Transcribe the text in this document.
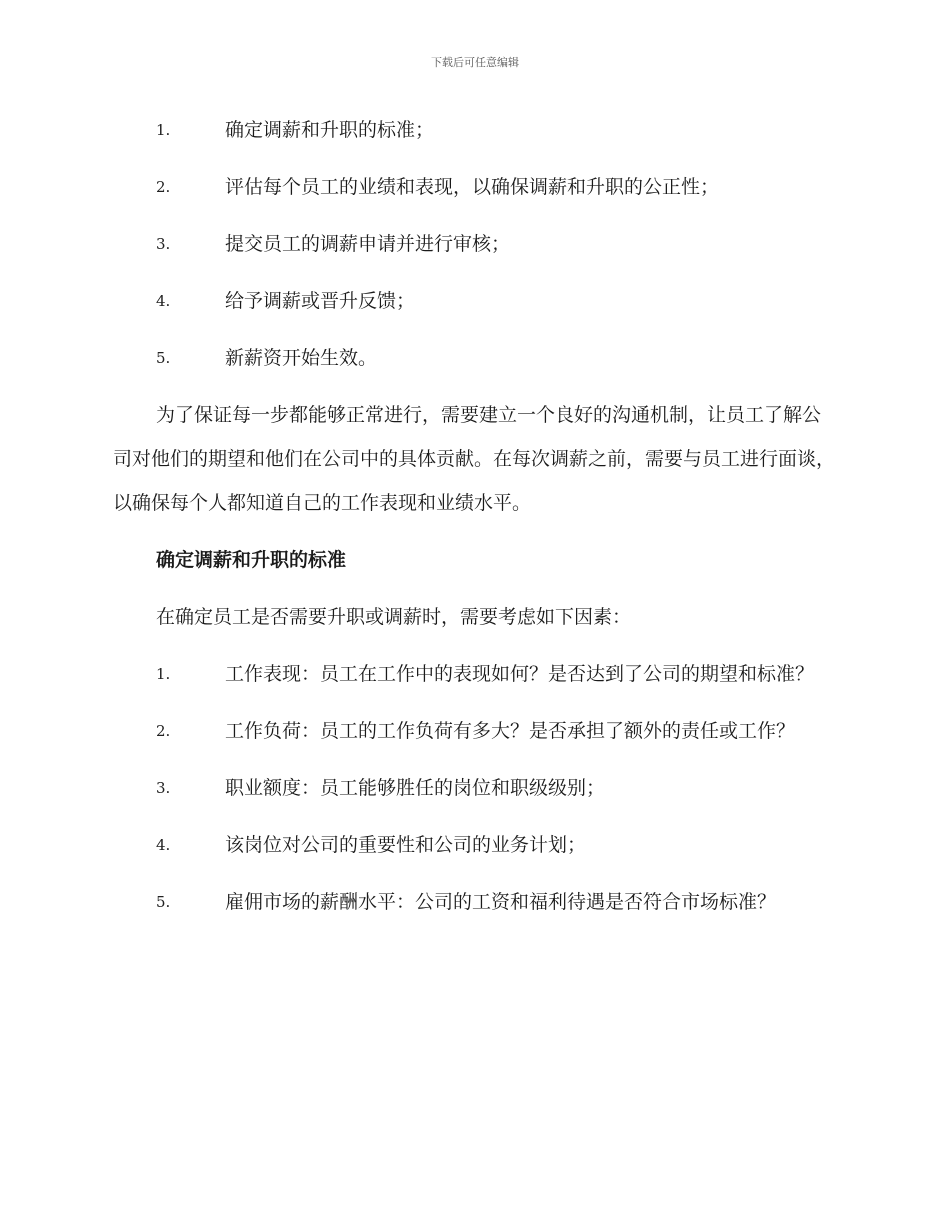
下载后可任意编辑
1.	确定调薪和升职的标准；
2.	评估每个员工的业绩和表现，以确保调薪和升职的公正性；
3.	提交员工的调薪申请并进行审核；
4.	给予调薪或晋升反馈；
5.	新薪资开始生效。

为了保证每一步都能够正常进行，需要建立一个良好的沟通机制，让员工了解公司对他们的期望和他们在公司中的具体贡献。在每次调薪之前，需要与员工进行面谈，以确保每个人都知道自己的工作表现和业绩水平。

确定调薪和升职的标准

在确定员工是否需要升职或调薪时，需要考虑如下因素：

1.	工作表现：员工在工作中的表现如何？是否达到了公司的期望和标准？
2.	工作负荷：员工的工作负荷有多大？是否承担了额外的责任或工作？
3.	职业额度：员工能够胜任的岗位和职级级别；
4.	该岗位对公司的重要性和公司的业务计划；
5.	雇佣市场的薪酬水平：公司的工资和福利待遇是否符合市场标准？
